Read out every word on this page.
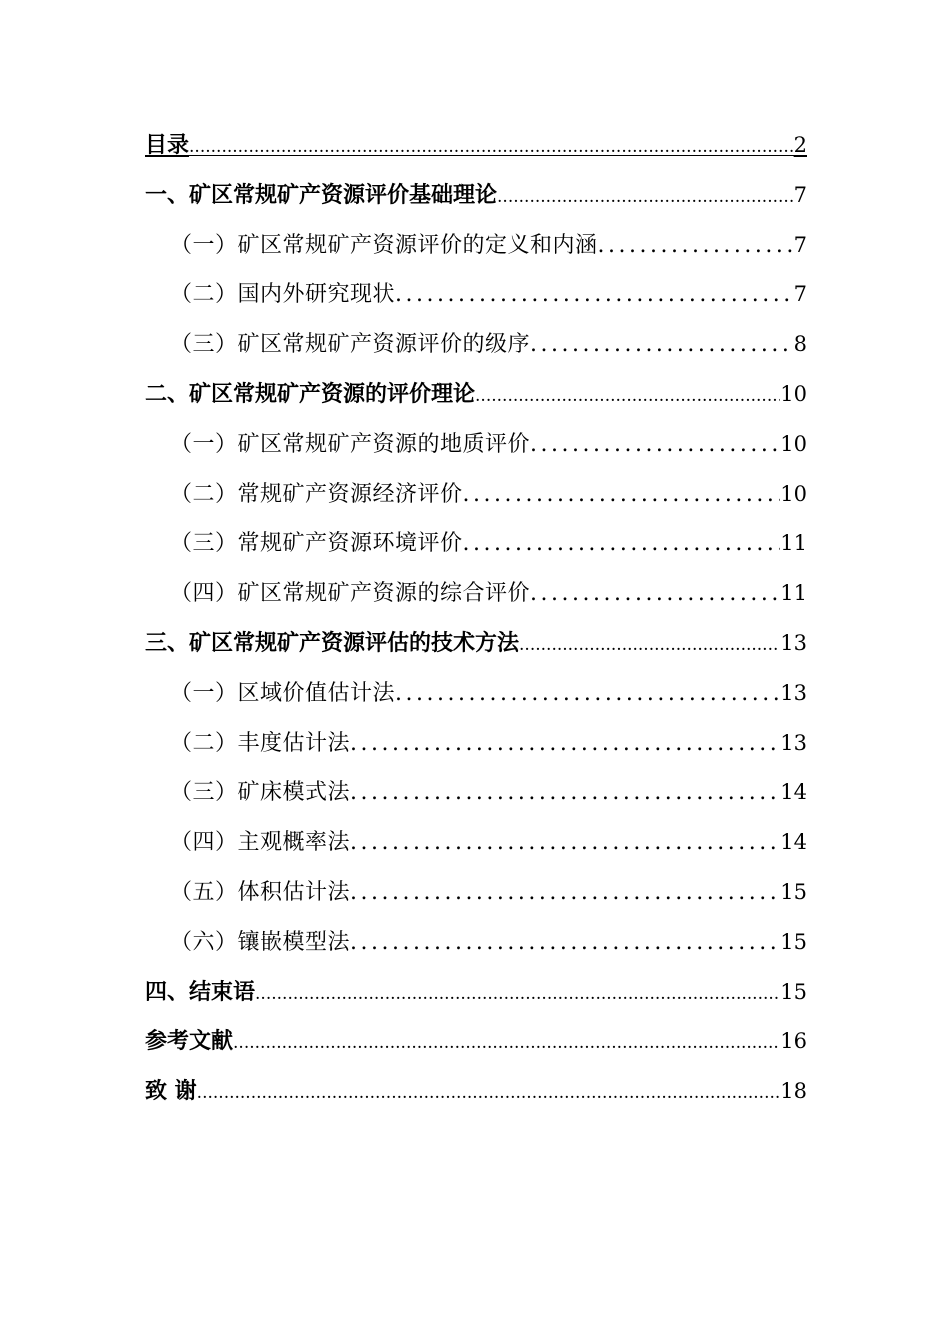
目录 .....	2
一、矿区常规矿产资源评价基础理论 .....	7
（一）矿区常规矿产资源评价的定义和内涵 .....	7
（二）国内外研究现状 .....	7
（三）矿区常规矿产资源评价的级序 .....	8
二、矿区常规矿产资源的评价理论 .....	10
（一）矿区常规矿产资源的地质评价 .....	10
（二）常规矿产资源经济评价 .....	10
（三）常规矿产资源环境评价 .....	11
（四）矿区常规矿产资源的综合评价 .....	11
三、矿区常规矿产资源评估的技术方法 .....	13
（一）区域价值估计法 .....	13
（二）丰度估计法 .....	13
（三）矿床模式法 .....	14
（四）主观概率法 .....	14
（五）体积估计法 .....	15
（六）镶嵌模型法 .....	15
四、结束语 .....	15
参考文献 .....	16
致 谢 .....	18
